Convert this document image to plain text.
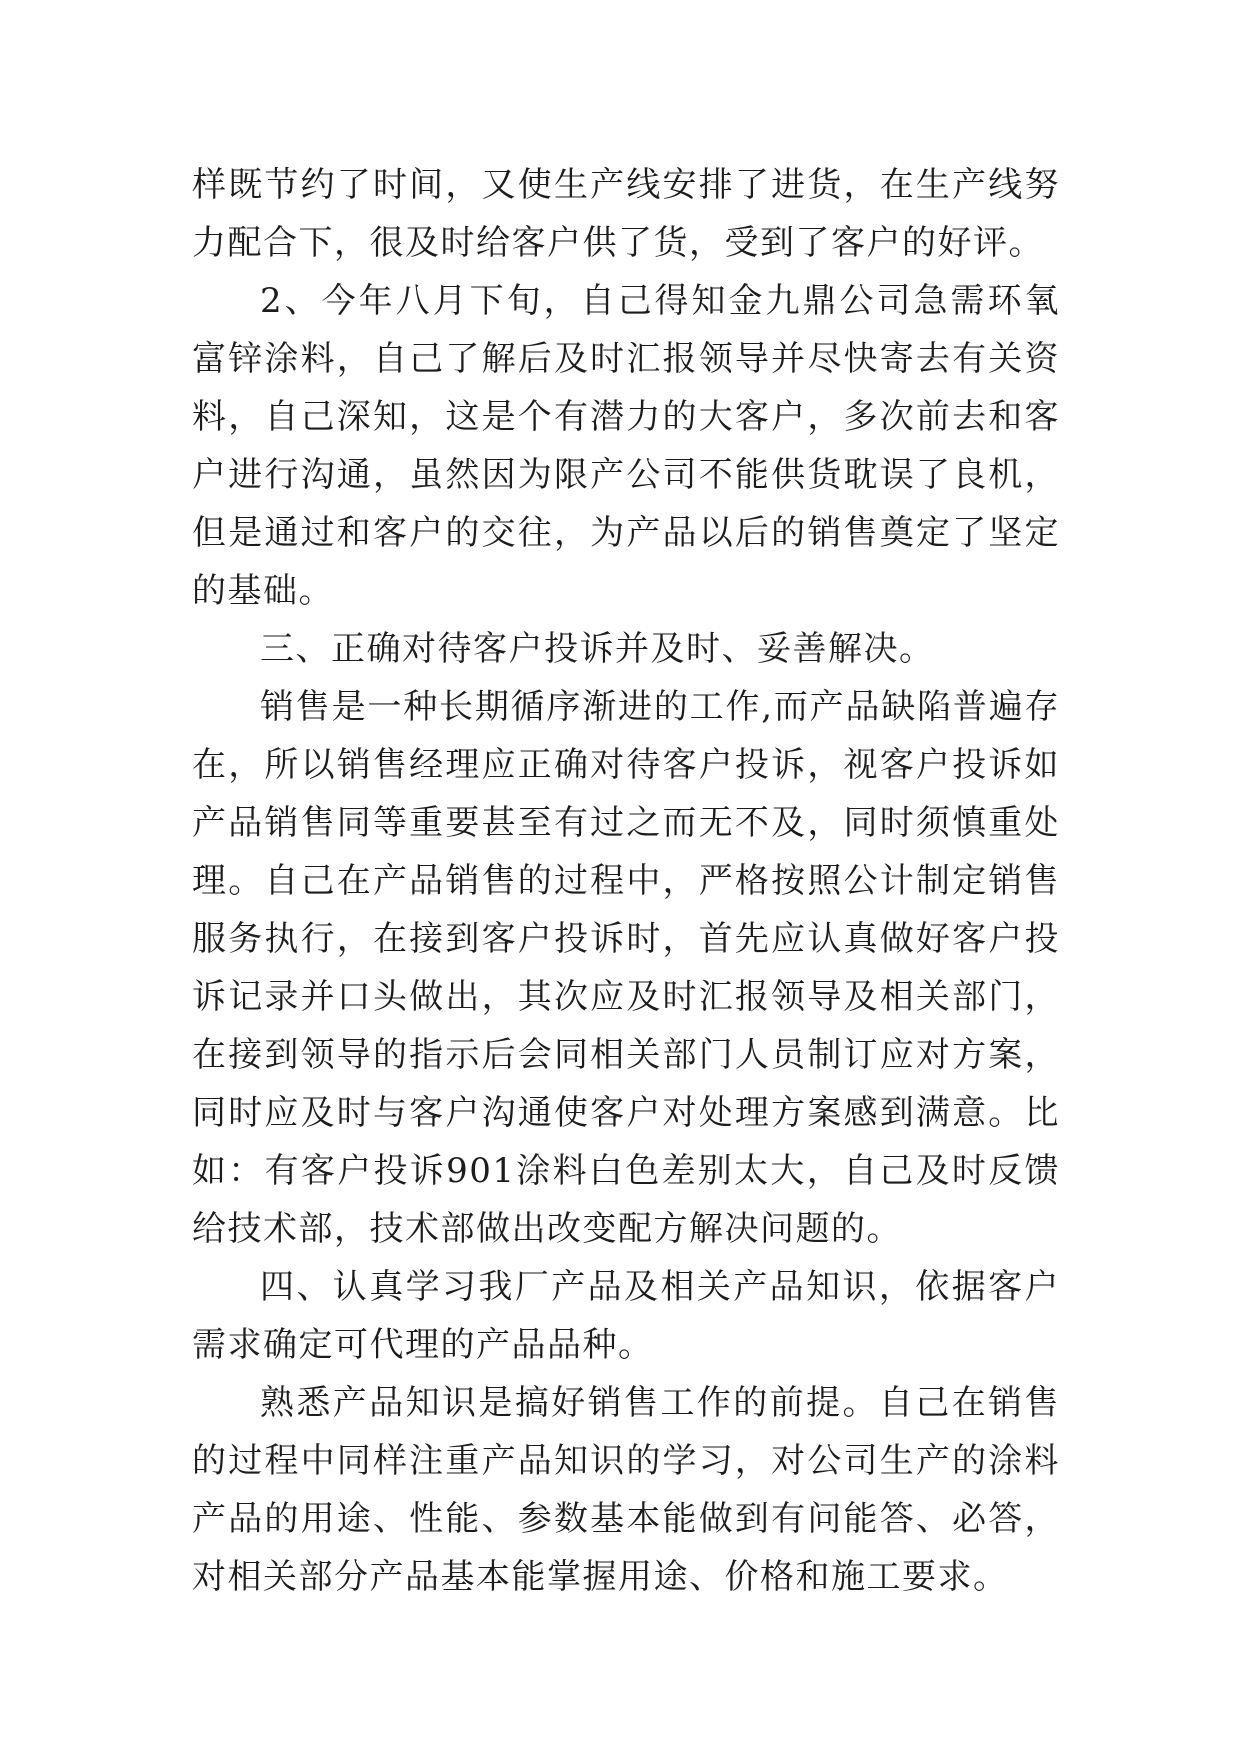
样既节约了时间，又使生产线安排了进货，在生产线努力配合下，很及时给客户供了货，受到了客户的好评。

2、今年八月下旬，自己得知金九鼎公司急需环氧富锌涂料，自己了解后及时汇报领导并尽快寄去有关资料，自己深知，这是个有潜力的大客户，多次前去和客户进行沟通，虽然因为限产公司不能供货耽误了良机，但是通过和客户的交往，为产品以后的销售奠定了坚定的基础。

三、正确对待客户投诉并及时、妥善解决。

销售是一种长期循序渐进的工作,而产品缺陷普遍存在，所以销售经理应正确对待客户投诉，视客户投诉如产品销售同等重要甚至有过之而无不及，同时须慎重处理。自己在产品销售的过程中，严格按照公计制定销售服务执行，在接到客户投诉时，首先应认真做好客户投诉记录并口头做出，其次应及时汇报领导及相关部门，在接到领导的指示后会同相关部门人员制订应对方案，同时应及时与客户沟通使客户对处理方案感到满意。比如：有客户投诉901涂料白色差别太大，自己及时反馈给技术部，技术部做出改变配方解决问题的。

四、认真学习我厂产品及相关产品知识，依据客户需求确定可代理的产品品种。

熟悉产品知识是搞好销售工作的前提。自己在销售的过程中同样注重产品知识的学习，对公司生产的涂料产品的用途、性能、参数基本能做到有问能答、必答，对相关部分产品基本能掌握用途、价格和施工要求。
